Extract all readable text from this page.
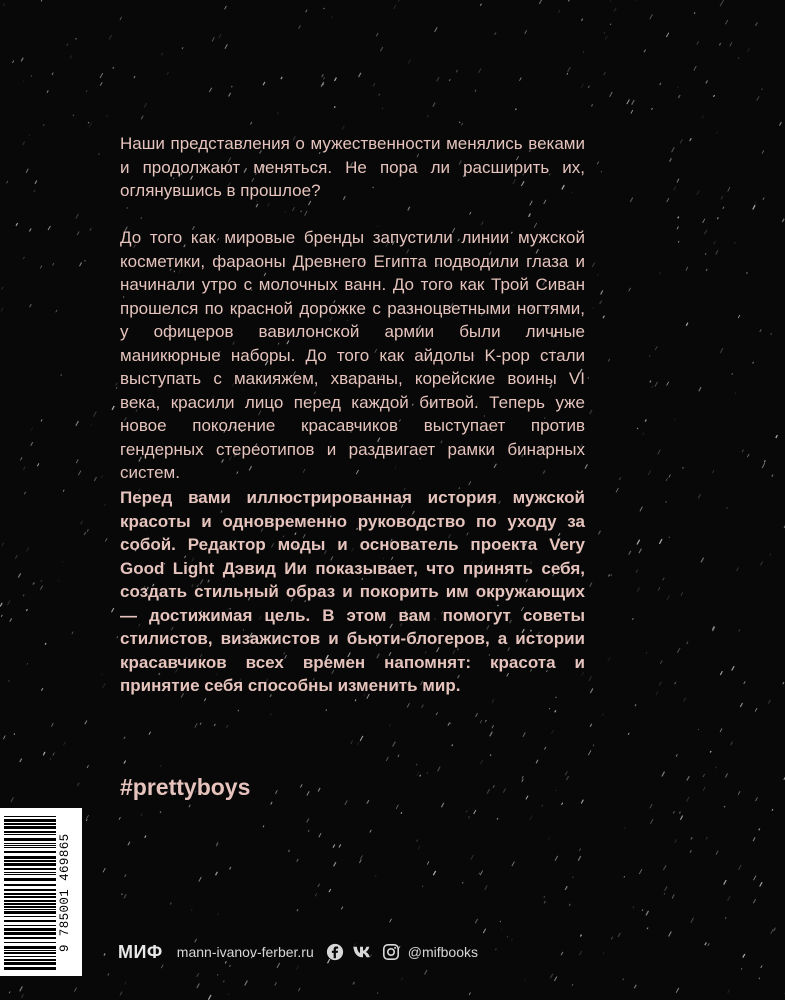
Наши представления о мужественности менялись веками и продолжают меняться. Не пора ли расширить их, оглянувшись в прошлое?

До того как мировые бренды запустили линии мужской косметики, фараоны Древнего Египта подводили глаза и начинали утро с молочных ванн. До того как Трой Сиван прошелся по красной дорожке с разноцветными ногтями, у офицеров вавилонской армии были личные маникюрные наборы. До того как айдолы K-pop стали выступать с макияжем, хвараны, корейские воины VI века, красили лицо перед каждой битвой. Теперь уже новое поколение красавчиков выступает против гендерных стереотипов и раздвигает рамки бинарных систем.

Перед вами иллюстрированная история мужской красоты и одновременно руководство по уходу за собой. Редактор моды и основатель проекта Very Good Light Дэвид Ии показывает, что принять себя, создать стильный образ и покорить им окружающих — достижимая цель. В этом вам помогут советы стилистов, визажистов и бьюти-блогеров, а истории красавчиков всех времен напомнят: красота и принятие себя способны изменить мир.

#prettyboys
9 785001 469865	МИФ mann-ivanov-ferber.ru	@mifbooks
